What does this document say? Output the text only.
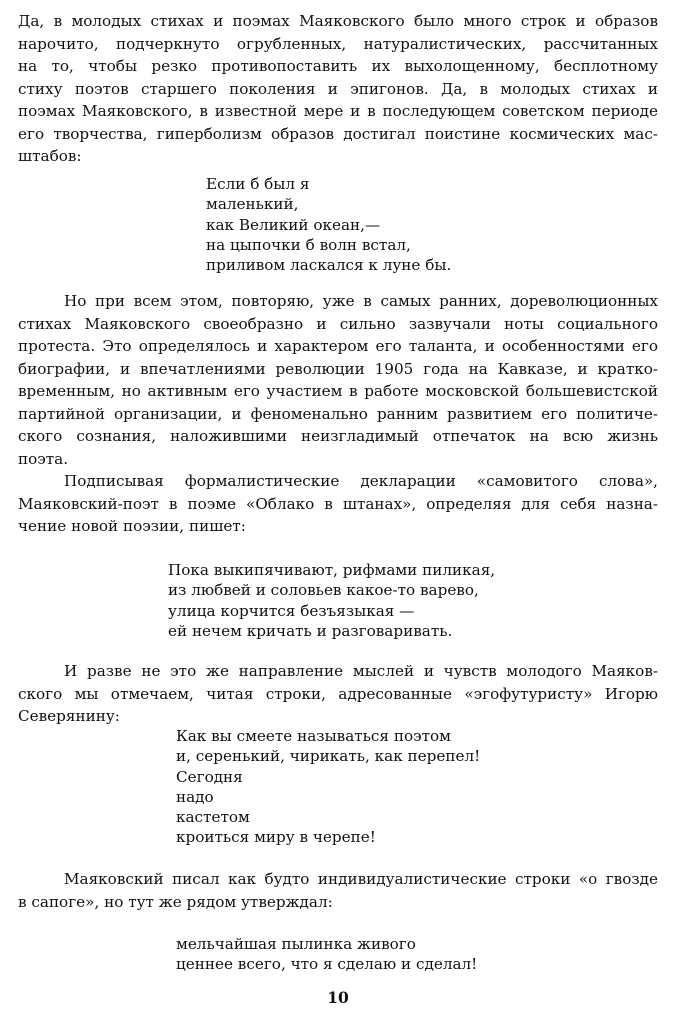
Да, в молодых стихах и поэмах Маяковского было много строк и образов
нарочито, подчеркнуто огрубленных, натуралистических, рассчитанных
на то, чтобы резко противопоставить их выхолощенному, бесплотному
стиху поэтов старшего поколения и эпигонов. Да, в молодых стихах и
поэмах Маяковского, в известной мере и в последующем советском периоде
его творчества, гиперболизм образов достигал поистине космических мас-
штабов:
Если б был я
маленький,
как Великий океан,—
на цыпочки б волн встал,
приливом ласкался к луне бы.
Но при всем этом, повторяю, уже в самых ранних, дореволюционных
стихах Маяковского своеобразно и сильно зазвучали ноты социального
протеста. Это определялось и характером его таланта, и особенностями его
биографии, и впечатлениями революции 1905 года на Кавказе, и кратко-
временным, но активным его участием в работе московской большевистской
партийной организации, и феноменально ранним развитием его политиче-
ского сознания, наложившими неизгладимый отпечаток на всю жизнь
поэта.
Подписывая формалистические декларации «самовитого слова»,
Маяковский-поэт в поэме «Облако в штанах», определяя для себя назна-
чение новой поэзии, пишет:
Пока выкипячивают, рифмами пиликая,
из любвей и соловьев какое-то варево,
улица корчится безъязыкая —
ей нечем кричать и разговаривать.
И разве не это же направление мыслей и чувств молодого Маяков-
ского мы отмечаем, читая строки, адресованные «эгофутуристу» Игорю
Северянину:
Как вы смеете называться поэтом
и, серенький, чирикать, как перепел!
Сегодня
надо
кастетом
кроиться миру в черепе!
Маяковский писал как будто индивидуалистические строки «о гвозде
в сапоге», но тут же рядом утверждал:
мельчайшая пылинка живого
ценнее всего, что я сделаю и сделал!
10
